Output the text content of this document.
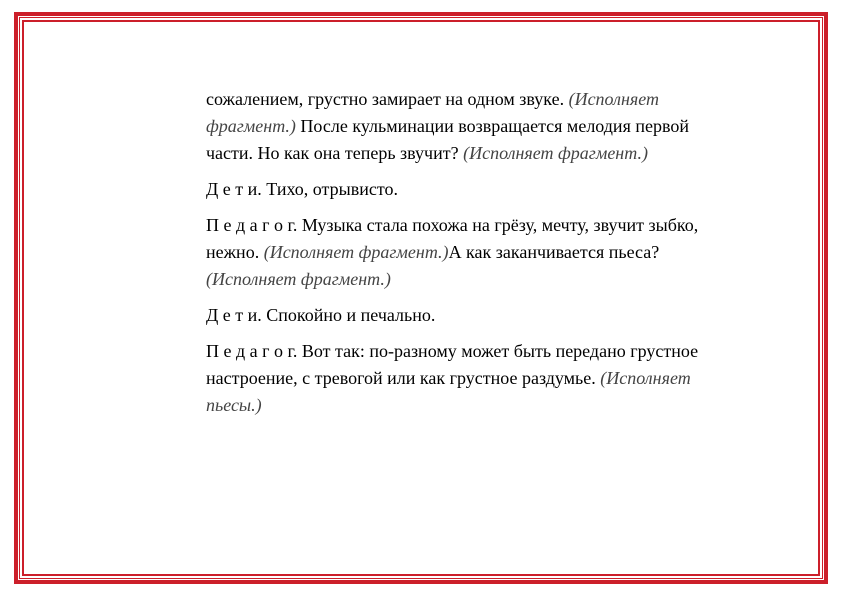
сожалением, грустно замирает на одном звуке. (Исполняет фрагмент.) После кульминации возвращается мелодия первой части. Но как она теперь звучит? (Исполняет фрагмент.)

Д е т и. Тихо, отрывисто.

П е д а г о г. Музыка стала похожа на грёзу, мечту, звучит зыбко, нежно. (Исполняет фрагмент.)А как заканчивается пьеса? (Исполняет фрагмент.)

Д е т и. Спокойно и печально.

П е д а г о г. Вот так: по-разному может быть передано грустное настроение, с тревогой или как грустное раздумье. (Исполняет пьесы.)
